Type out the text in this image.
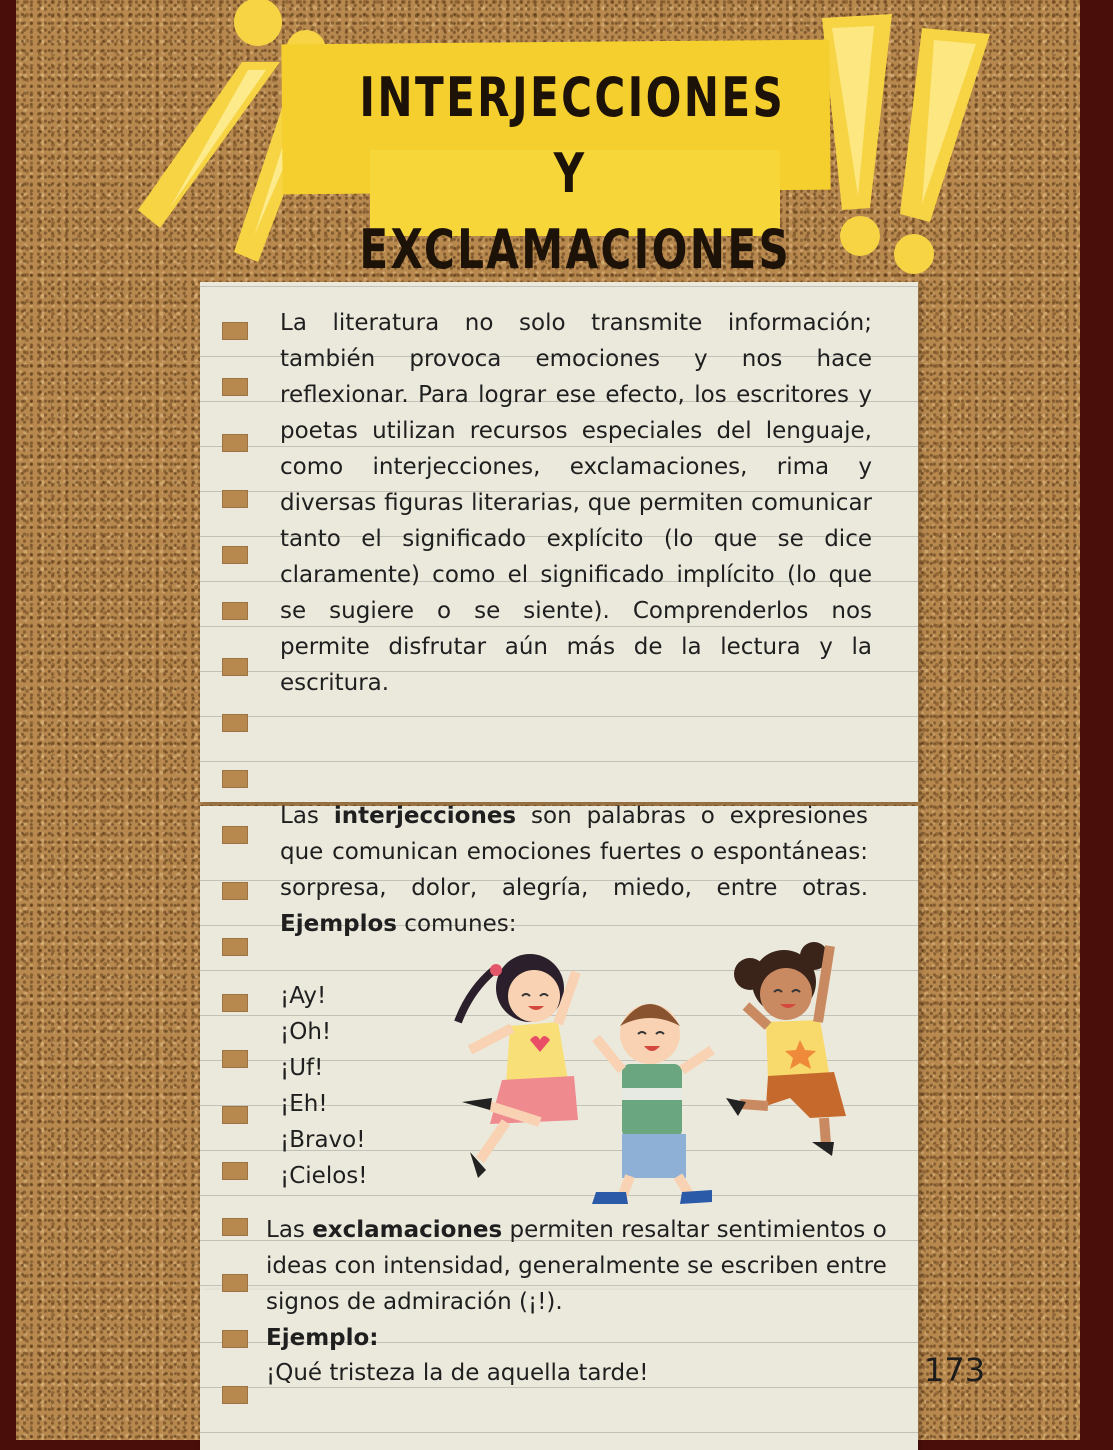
INTERJECCIONES Y
EXCLAMACIONES
La literatura no solo transmite información; también provoca emociones y nos hace reflexionar. Para lograr ese efecto, los escritores y poetas utilizan recursos especiales del lenguaje, como interjecciones, exclamaciones, rima y diversas figuras literarias, que permiten comunicar tanto el significado explícito (lo que se dice claramente) como el significado implícito (lo que se sugiere o se siente). Comprenderlos nos permite disfrutar aún más de la lectura y la escritura.
Las interjecciones son palabras o expresiones que comunican emociones fuertes o espontáneas: sorpresa, dolor, alegría, miedo, entre otras. Ejemplos comunes:
¡Ay!
¡Oh!
¡Uf!
¡Eh!
¡Bravo!
¡Cielos!
Las exclamaciones permiten resaltar sentimientos o ideas con intensidad, generalmente se escriben entre signos de admiración (¡!).
Ejemplo:
¡Qué tristeza la de aquella tarde!	173
